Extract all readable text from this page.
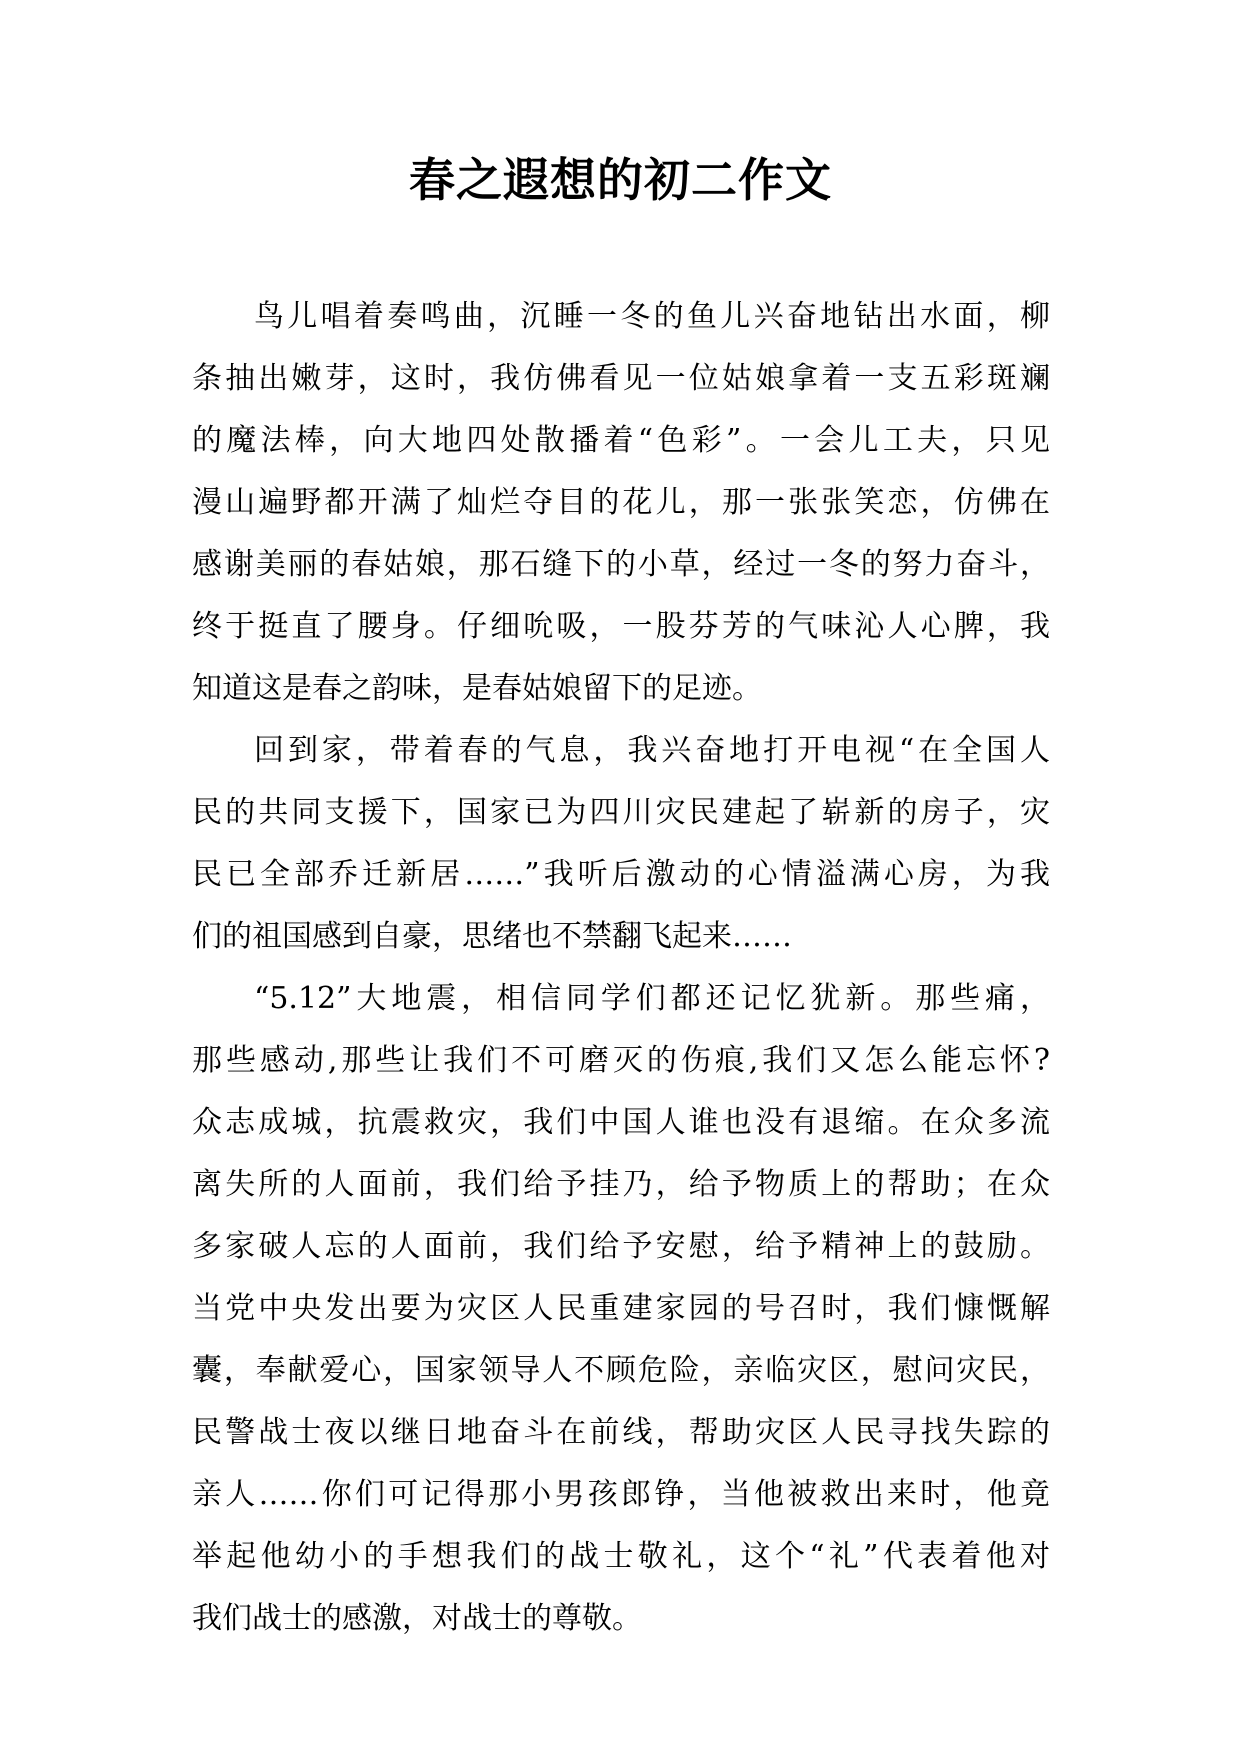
春之遐想的初二作文
鸟儿唱着奏鸣曲，沉睡一冬的鱼儿兴奋地钻出水面，柳
条抽出嫩芽，这时，我仿佛看见一位姑娘拿着一支五彩斑斓
的魔法棒，向大地四处散播着“色彩”。一会儿工夫，只见
漫山遍野都开满了灿烂夺目的花儿，那一张张笑恋，仿佛在
感谢美丽的春姑娘，那石缝下的小草，经过一冬的努力奋斗，
终于挺直了腰身。仔细吮吸，一股芬芳的气味沁人心脾，我
知道这是春之韵味，是春姑娘留下的足迹。
回到家，带着春的气息，我兴奋地打开电视“在全国人
民的共同支援下，国家已为四川灾民建起了崭新的房子，灾
民已全部乔迁新居……”我听后激动的心情溢满心房，为我
们的祖国感到自豪，思绪也不禁翻飞起来……
“5.12”大地震，相信同学们都还记忆犹新。那些痛，
那些感动,那些让我们不可磨灭的伤痕,我们又怎么能忘怀?
众志成城，抗震救灾，我们中国人谁也没有退缩。在众多流
离失所的人面前，我们给予挂乃，给予物质上的帮助；在众
多家破人忘的人面前，我们给予安慰，给予精神上的鼓励。
当党中央发出要为灾区人民重建家园的号召时，我们慷慨解
囊，奉献爱心，国家领导人不顾危险，亲临灾区，慰问灾民，
民警战士夜以继日地奋斗在前线，帮助灾区人民寻找失踪的
亲人……你们可记得那小男孩郎铮，当他被救出来时，他竟
举起他幼小的手想我们的战士敬礼，这个“礼”代表着他对
我们战士的感激，对战士的尊敬。
